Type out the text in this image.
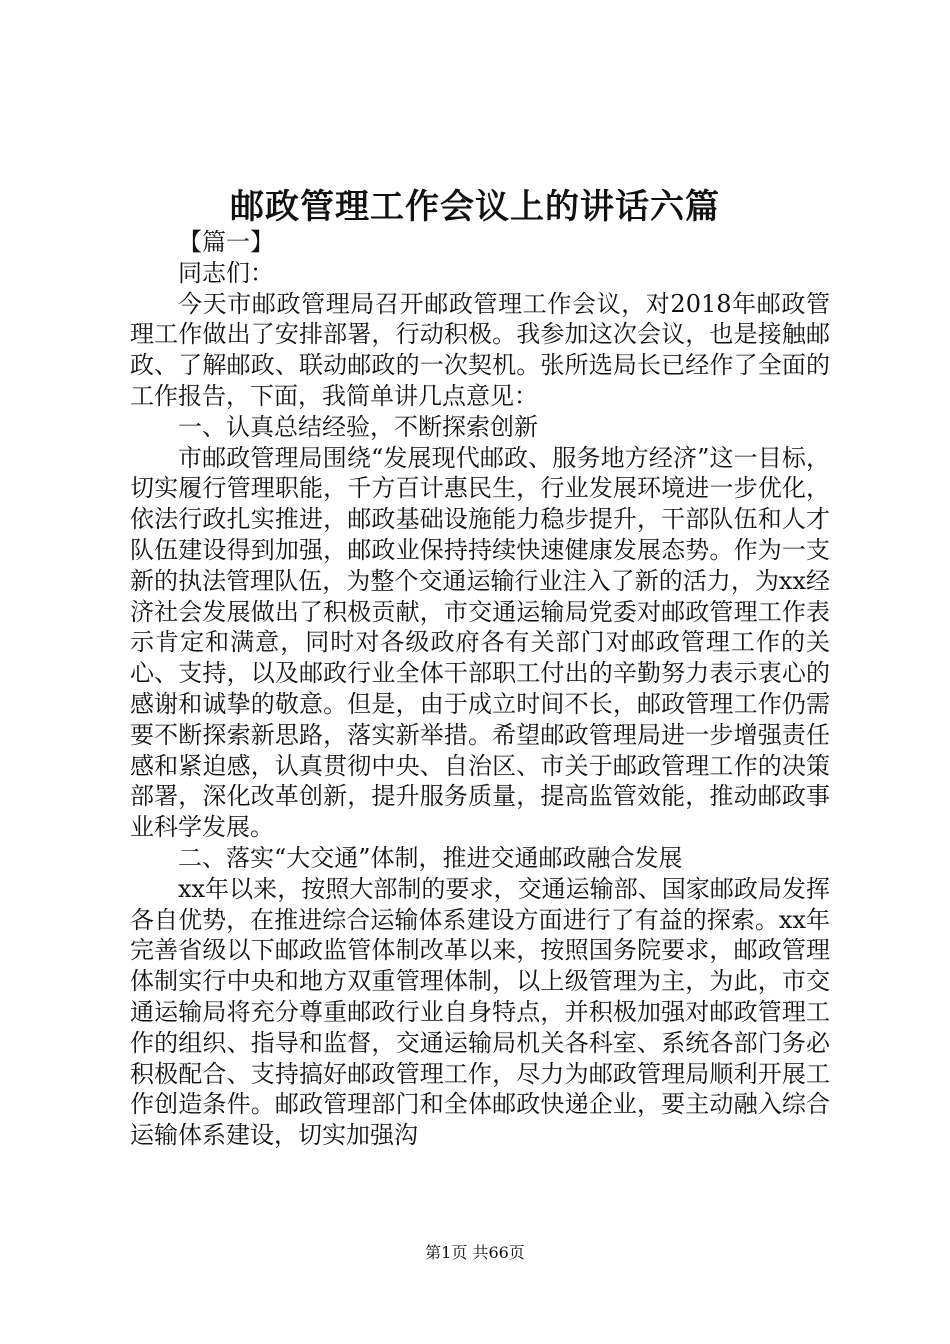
邮政管理工作会议上的讲话六篇

【篇一】

同志们：

今天市邮政管理局召开邮政管理工作会议，对2018年邮政管理工作做出了安排部署，行动积极。我参加这次会议，也是接触邮政、了解邮政、联动邮政的一次契机。张所选局长已经作了全面的工作报告，下面，我简单讲几点意见：

一、认真总结经验，不断探索创新

市邮政管理局围绕“发展现代邮政、服务地方经济”这一目标，切实履行管理职能，千方百计惠民生，行业发展环境进一步优化，依法行政扎实推进，邮政基础设施能力稳步提升，干部队伍和人才队伍建设得到加强，邮政业保持持续快速健康发展态势。作为一支新的执法管理队伍，为整个交通运输行业注入了新的活力，为xx经济社会发展做出了积极贡献，市交通运输局党委对邮政管理工作表示肯定和满意，同时对各级政府各有关部门对邮政管理工作的关心、支持，以及邮政行业全体干部职工付出的辛勤努力表示衷心的感谢和诚挚的敬意。但是，由于成立时间不长，邮政管理工作仍需要不断探索新思路，落实新举措。希望邮政管理局进一步增强责任感和紧迫感，认真贯彻中央、自治区、市关于邮政管理工作的决策部署，深化改革创新，提升服务质量，提高监管效能，推动邮政事业科学发展。

二、落实“大交通”体制，推进交通邮政融合发展

xx年以来，按照大部制的要求，交通运输部、国家邮政局发挥各自优势，在推进综合运输体系建设方面进行了有益的探索。xx年完善省级以下邮政监管体制改革以来，按照国务院要求，邮政管理体制实行中央和地方双重管理体制，以上级管理为主，为此，市交通运输局将充分尊重邮政行业自身特点，并积极加强对邮政管理工作的组织、指导和监督，交通运输局机关各科室、系统各部门务必积极配合、支持搞好邮政管理工作，尽力为邮政管理局顺利开展工作创造条件。邮政管理部门和全体邮政快递企业，要主动融入综合运输体系建设，切实加强沟

第1页 共66页
